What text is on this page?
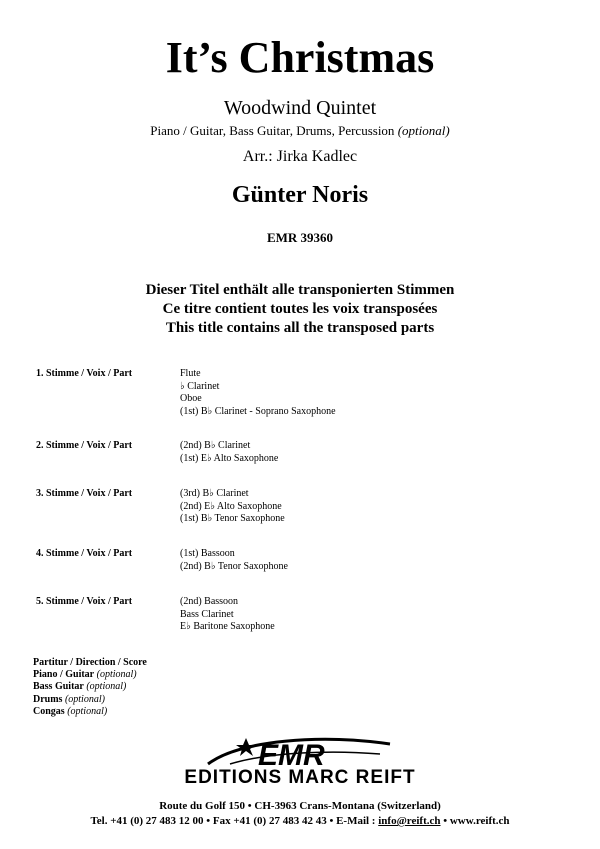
It’s Christmas
Woodwind Quintet
Piano / Guitar, Bass Guitar, Drums, Percussion (optional)
Arr.: Jirka Kadlec
Günter Noris
EMR 39360
Dieser Titel enthält alle transponierten Stimmen
Ce titre contient toutes les voix transposées
This title contains all the transposed parts
1. Stimme / Voix / Part	Flute
♭ Clarinet
Oboe
(1st) B♭ Clarinet - Soprano Saxophone
2. Stimme / Voix / Part	(2nd) B♭ Clarinet
(1st) E♭ Alto Saxophone
3. Stimme / Voix / Part	(3rd) B♭ Clarinet
(2nd) E♭ Alto Saxophone
(1st) B♭ Tenor Saxophone
4. Stimme / Voix / Part	(1st) Bassoon
(2nd) B♭ Tenor Saxophone
5. Stimme / Voix / Part	(2nd) Bassoon
Bass Clarinet
E♭ Baritone Saxophone
Partitur / Direction / Score
Piano / Guitar (optional)
Bass Guitar (optional)
Drums (optional)
Congas (optional)
EMR
EDITIONS MARC REIFT
Route du Golf 150 • CH-3963 Crans-Montana (Switzerland)
Tel. +41 (0) 27 483 12 00 • Fax +41 (0) 27 483 42 43 • E-Mail : info@reift.ch • www.reift.ch
